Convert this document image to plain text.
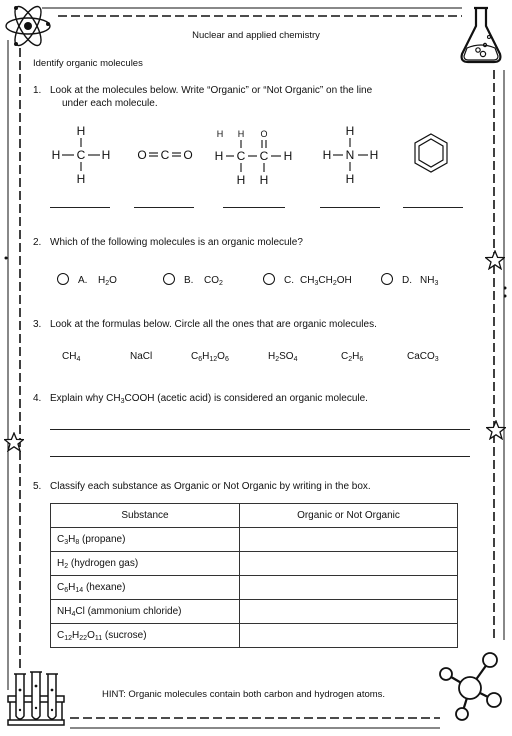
Nuclear and applied chemistry
Identify organic molecules
1. Look at the molecules below. Write “Organic” or “Not Organic” on the line
under each molecule.
H
H C H
H
O C O
H H O
H C C H
H H
H
H N H
H
2. Which of the following molecules is an organic molecule?
A. $H_2O$	B. $CO_2$	C. $CH_3CH_2OH$	D. $NH_3$
3. Look at the formulas below. Circle all the ones that are organic molecules.
$CH_4$	NaCl	$C_6H_{12}O_6$	$H_2SO_4$	$C_2H_6$	CaCO$_3$
4. Explain why $CH_3COOH$ (acetic acid) is considered an organic molecule.
5. Classify each substance as Organic or Not Organic by writing in the box.
Substance	Organic or Not Organic
$C_3H_8$ (propane)	
$H_2$ (hydrogen gas)	
$C_6H_{14}$ (hexane)	
$NH_4Cl$ (ammonium chloride)	
$C_{12}H_{22}O_{11}$ (sucrose)	
HINT: Organic molecules contain both carbon and hydrogen atoms.
